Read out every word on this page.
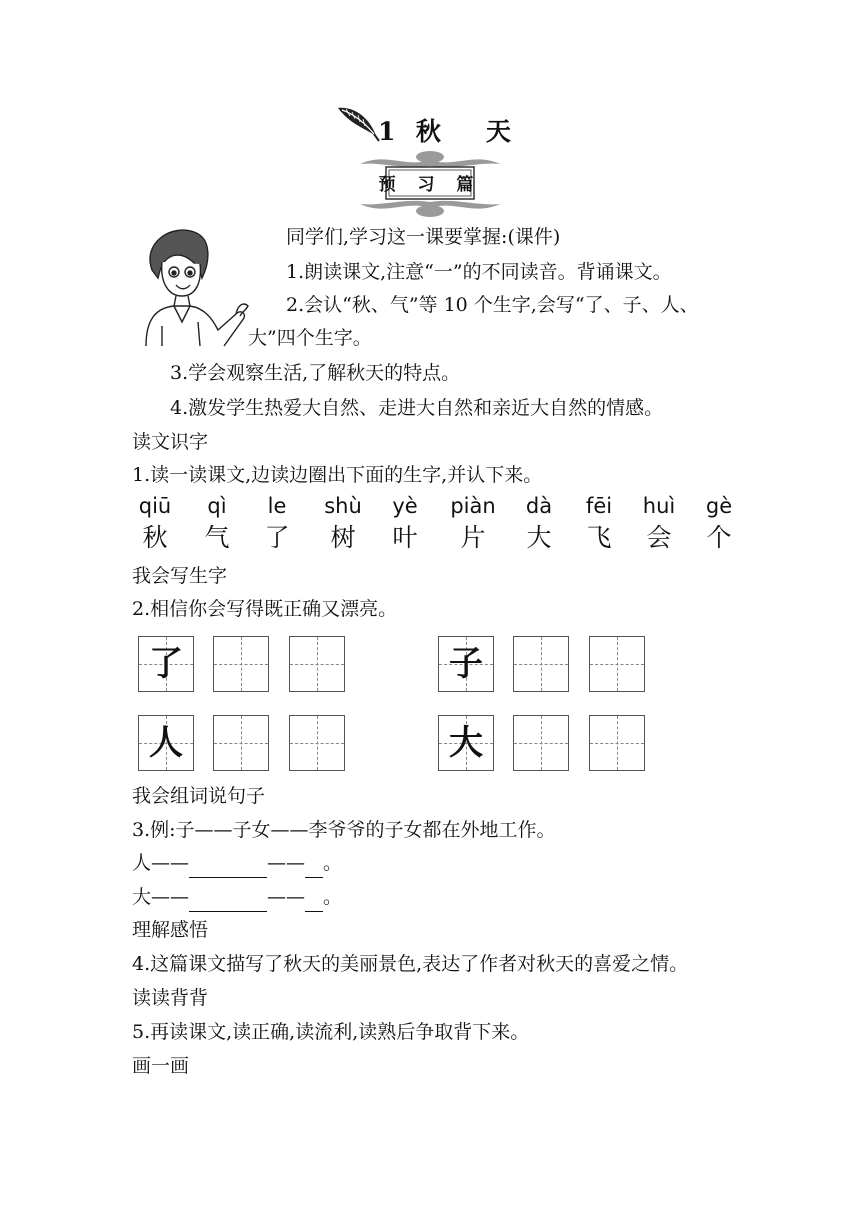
1 秋 天
预 习 篇
同学们,学习这一课要掌握:(课件)
1.朗读课文,注意“一”的不同读音。背诵课文。
2.会认“秋、气”等 10 个生字,会写“了、子、人、
大”四个生字。
3.学会观察生活,了解秋天的特点。
4.激发学生热爱大自然、走进大自然和亲近大自然的情感。
读文识字
1.读一读课文,边读边圈出下面的生字,并认下来。
qiū	qì	le	shù	yè	piàn	dà	fēi	huì	gè
秋	气	了	树	叶	片	大	飞	会	个
我会写生字
2.相信你会写得既正确又漂亮。
了	子
人	大
我会组词说句子
3.例:子——子女——李爷爷的子女都在外地工作。
人——	—— 。
大——	—— 。
理解感悟
4.这篇课文描写了秋天的美丽景色,表达了作者对秋天的喜爱之情。
读读背背
5.再读课文,读正确,读流利,读熟后争取背下来。
画一画
